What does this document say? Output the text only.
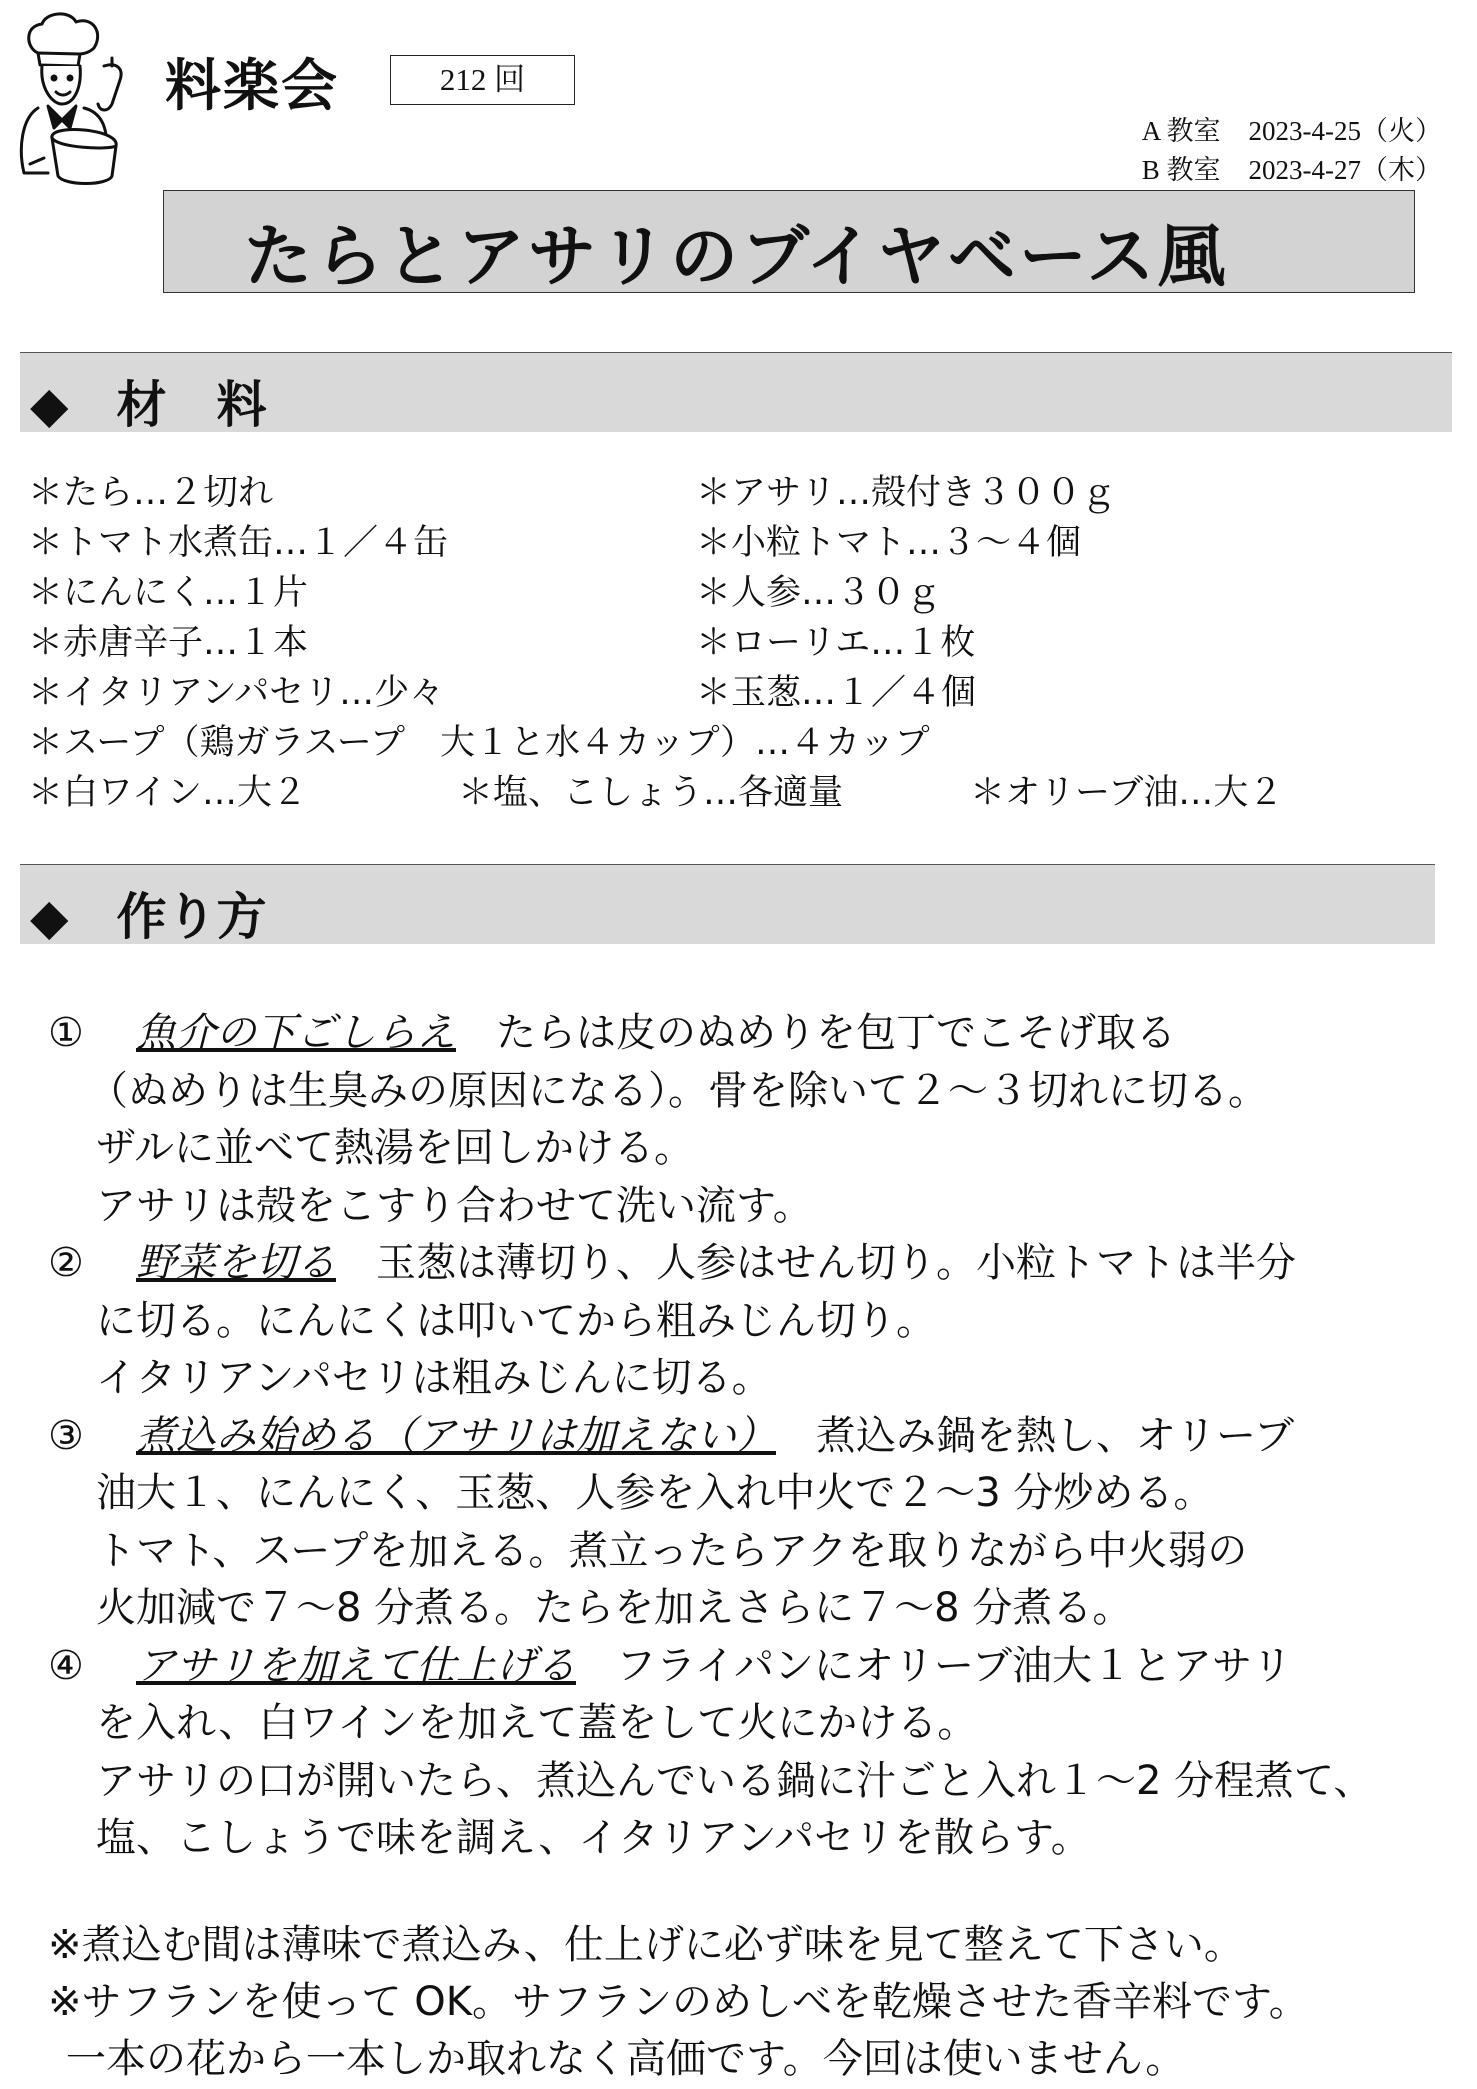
料楽会	212 回
A 教室 2023-4-25（火）
B 教室 2023-4-27（木）
たらとアサリのブイヤベース風
◆ 材　料
＊たら…２切れ	＊アサリ…殻付き３００ｇ
＊トマト水煮缶…１／４缶	＊小粒トマト…３～４個
＊にんにく…１片	＊人参…３０ｇ
＊赤唐辛子…１本	＊ローリエ…１枚
＊イタリアンパセリ…少々	＊玉葱…１／４個
＊スープ（鶏ガラスープ　大１と水４カップ）…４カップ
＊白ワイン…大２	＊塩、こしょう…各適量	＊オリーブ油…大２
◆ 作り方
① 魚介の下ごしらえ たらは皮のぬめりを包丁でこそげ取る
（ぬめりは生臭みの原因になる）。骨を除いて２～３切れに切る。
ザルに並べて熱湯を回しかける。
アサリは殻をこすり合わせて洗い流す。
② 野菜を切る 玉葱は薄切り、人参はせん切り。小粒トマトは半分
に切る。にんにくは叩いてから粗みじん切り。
イタリアンパセリは粗みじんに切る。
③ 煮込み始める（アサリは加えない） 煮込み鍋を熱し、オリーブ
油大１、にんにく、玉葱、人参を入れ中火で２～3 分炒める。
トマト、スープを加える。煮立ったらアクを取りながら中火弱の
火加減で７～8 分煮る。たらを加えさらに７～8 分煮る。
④ アサリを加えて仕上げる フライパンにオリーブ油大１とアサリ
を入れ、白ワインを加えて蓋をして火にかける。
アサリの口が開いたら、煮込んでいる鍋に汁ごと入れ１～2 分程煮て、
塩、こしょうで味を調え、イタリアンパセリを散らす。
※煮込む間は薄味で煮込み、仕上げに必ず味を見て整えて下さい。
※サフランを使って OK。サフランのめしべを乾燥させた香辛料です。
一本の花から一本しか取れなく高価です。今回は使いません。
